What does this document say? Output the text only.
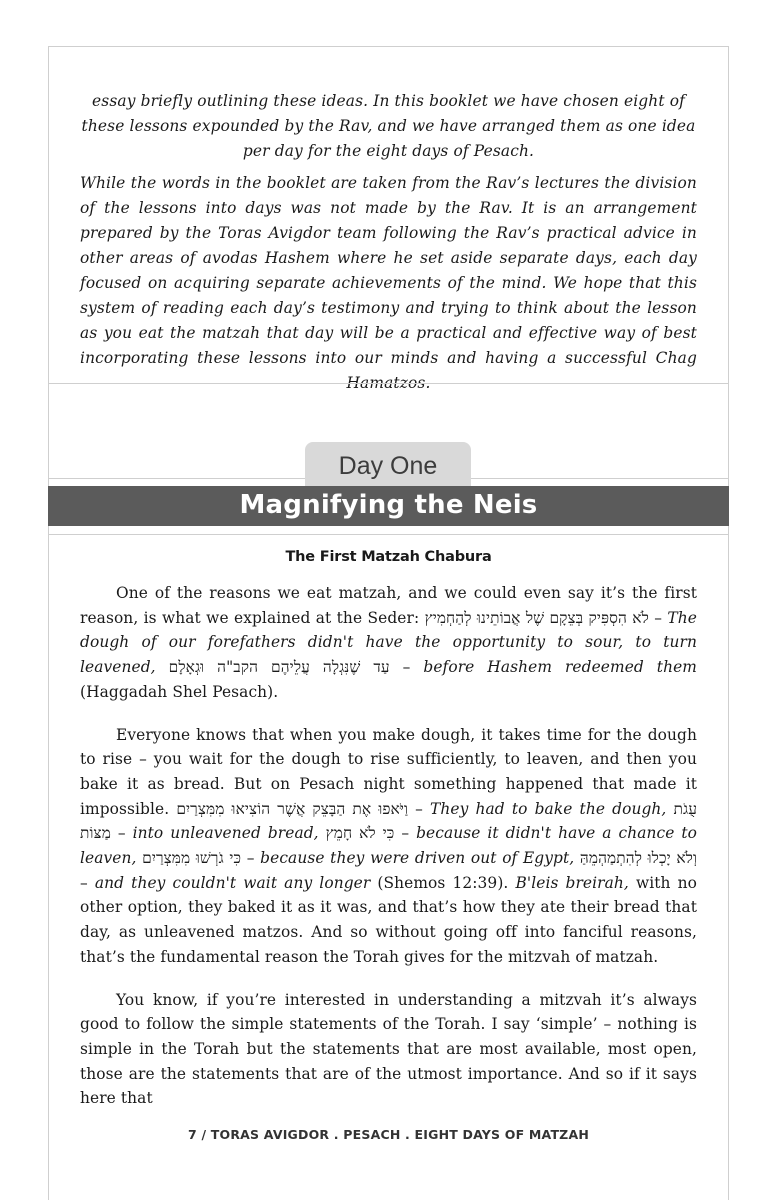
essay briefly outlining these ideas. In this booklet we have chosen eight of these lessons expounded by the Rav, and we have arranged them as one idea per day for the eight days of Pesach.

While the words in the booklet are taken from the Rav’s lectures the division of the lessons into days was not made by the Rav. It is an arrangement prepared by the Toras Avigdor team following the Rav’s practical advice in other areas of avodas Hashem where he set aside separate days, each day focused on acquiring separate achievements of the mind. We hope that this system of reading each day’s testimony and trying to think about the lesson as you eat the matzah that day will be a practical and effective way of best incorporating these lessons into our minds and having a successful Chag Hamatzos.

Day One
Magnifying the Neis
The First Matzah Chabura

One of the reasons we eat matzah, and we could even say it’s the first reason, is what we explained at the Seder: לֹא הִסְפִּיק בְּצֵקָם שֶׁל אֲבוֹתֵינוּ לְהַחְמִיץ – The dough of our forefathers didn't have the opportunity to sour, to turn leavened, עַד שֶׁנִּגְלָה עֲלֵיהֶם הקב"ה וּגְאָלָם – before Hashem redeemed them (Haggadah Shel Pesach).

Everyone knows that when you make dough, it takes time for the dough to rise – you wait for the dough to rise sufficiently, to leaven, and then you bake it as bread. But on Pesach night something happened that made it impossible. וַיֹּאפוּ אֶת הַבָּצֵק אֲשֶׁר הוֹצִיאוּ מִמִּצְרַיִם – They had to bake the dough, עֻגֹת מַצּוֹת – into unleavened bread, כִּי לֹא חָמֵץ – because it didn't have a chance to leaven, כִּי גֹרְשׁוּ מִמִּצְרַיִם – because they were driven out of Egypt, וְלֹא יָכְלוּ לְהִתְמַהְמֵהַּ – and they couldn't wait any longer (Shemos 12:39). B'leis breirah, with no other option, they baked it as it was, and that’s how they ate their bread that day, as unleavened matzos. And so without going off into fanciful reasons, that’s the fundamental reason the Torah gives for the mitzvah of matzah.

You know, if you’re interested in understanding a mitzvah it’s always good to follow the simple statements of the Torah. I say ‘simple’ – nothing is simple in the Torah but the statements that are most available, most open, those are the statements that are of the utmost importance. And so if it says here that

7 / TORAS AVIGDOR . PESACH . EIGHT DAYS OF MATZAH
